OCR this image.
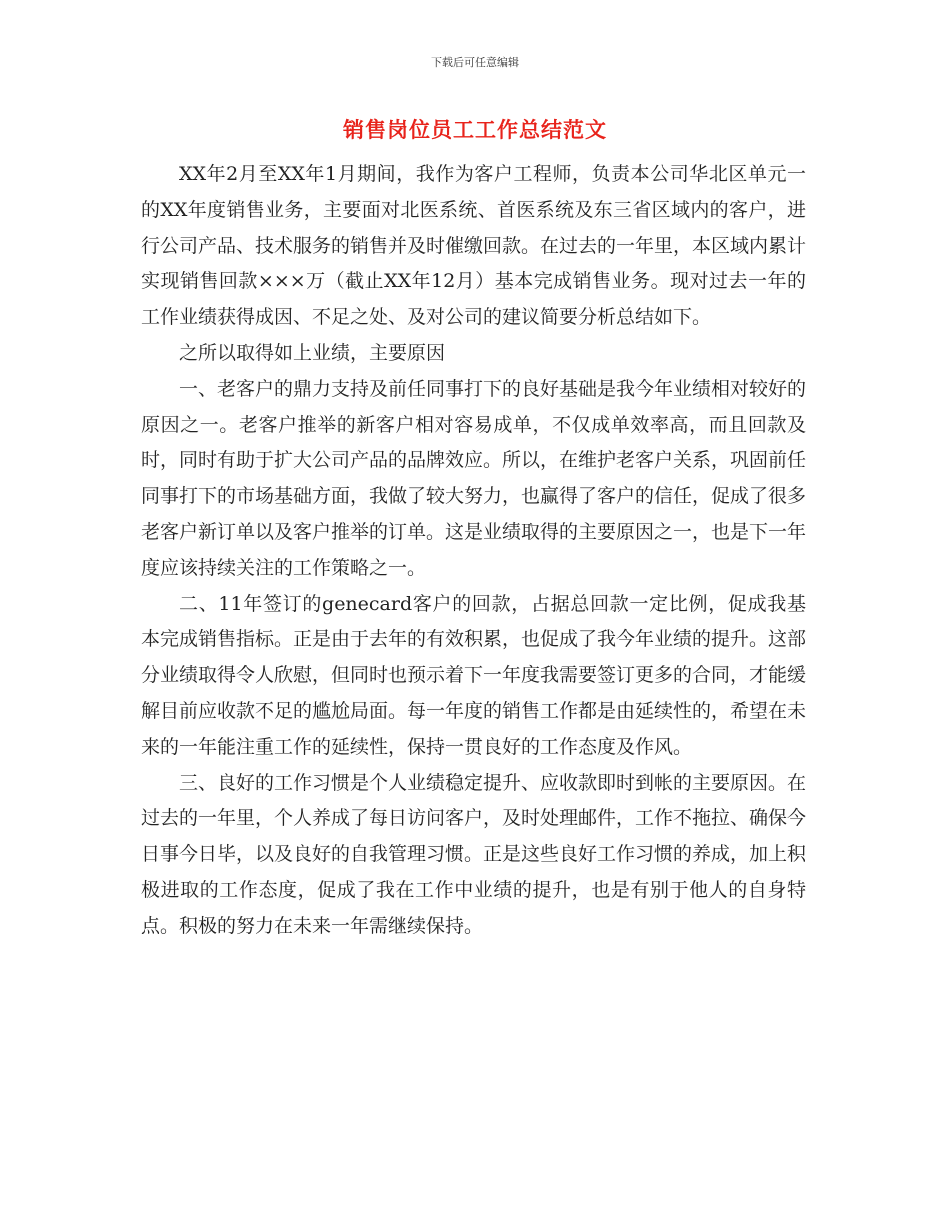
下载后可任意编辑
销售岗位员工工作总结范文

XX年2月至XX年1月期间，我作为客户工程师，负责本公司华北区单元一的XX年度销售业务，主要面对北医系统、首医系统及东三省区域内的客户，进行公司产品、技术服务的销售并及时催缴回款。在过去的一年里，本区域内累计实现销售回款×××万（截止XX年12月）基本完成销售业务。现对过去一年的工作业绩获得成因、不足之处、及对公司的建议简要分析总结如下。

之所以取得如上业绩，主要原因

一、老客户的鼎力支持及前任同事打下的良好基础是我今年业绩相对较好的原因之一。老客户推举的新客户相对容易成单，不仅成单效率高，而且回款及时，同时有助于扩大公司产品的品牌效应。所以，在维护老客户关系，巩固前任同事打下的市场基础方面，我做了较大努力，也赢得了客户的信任，促成了很多老客户新订单以及客户推举的订单。这是业绩取得的主要原因之一，也是下一年度应该持续关注的工作策略之一。

二、11年签订的genecard客户的回款，占据总回款一定比例，促成我基本完成销售指标。正是由于去年的有效积累，也促成了我今年业绩的提升。这部分业绩取得令人欣慰，但同时也预示着下一年度我需要签订更多的合同，才能缓解目前应收款不足的尴尬局面。每一年度的销售工作都是由延续性的，希望在未来的一年能注重工作的延续性，保持一贯良好的工作态度及作风。

三、良好的工作习惯是个人业绩稳定提升、应收款即时到帐的主要原因。在过去的一年里，个人养成了每日访问客户，及时处理邮件，工作不拖拉、确保今日事今日毕，以及良好的自我管理习惯。正是这些良好工作习惯的养成，加上积极进取的工作态度，促成了我在工作中业绩的提升，也是有别于他人的自身特点。积极的努力在未来一年需继续保持。
